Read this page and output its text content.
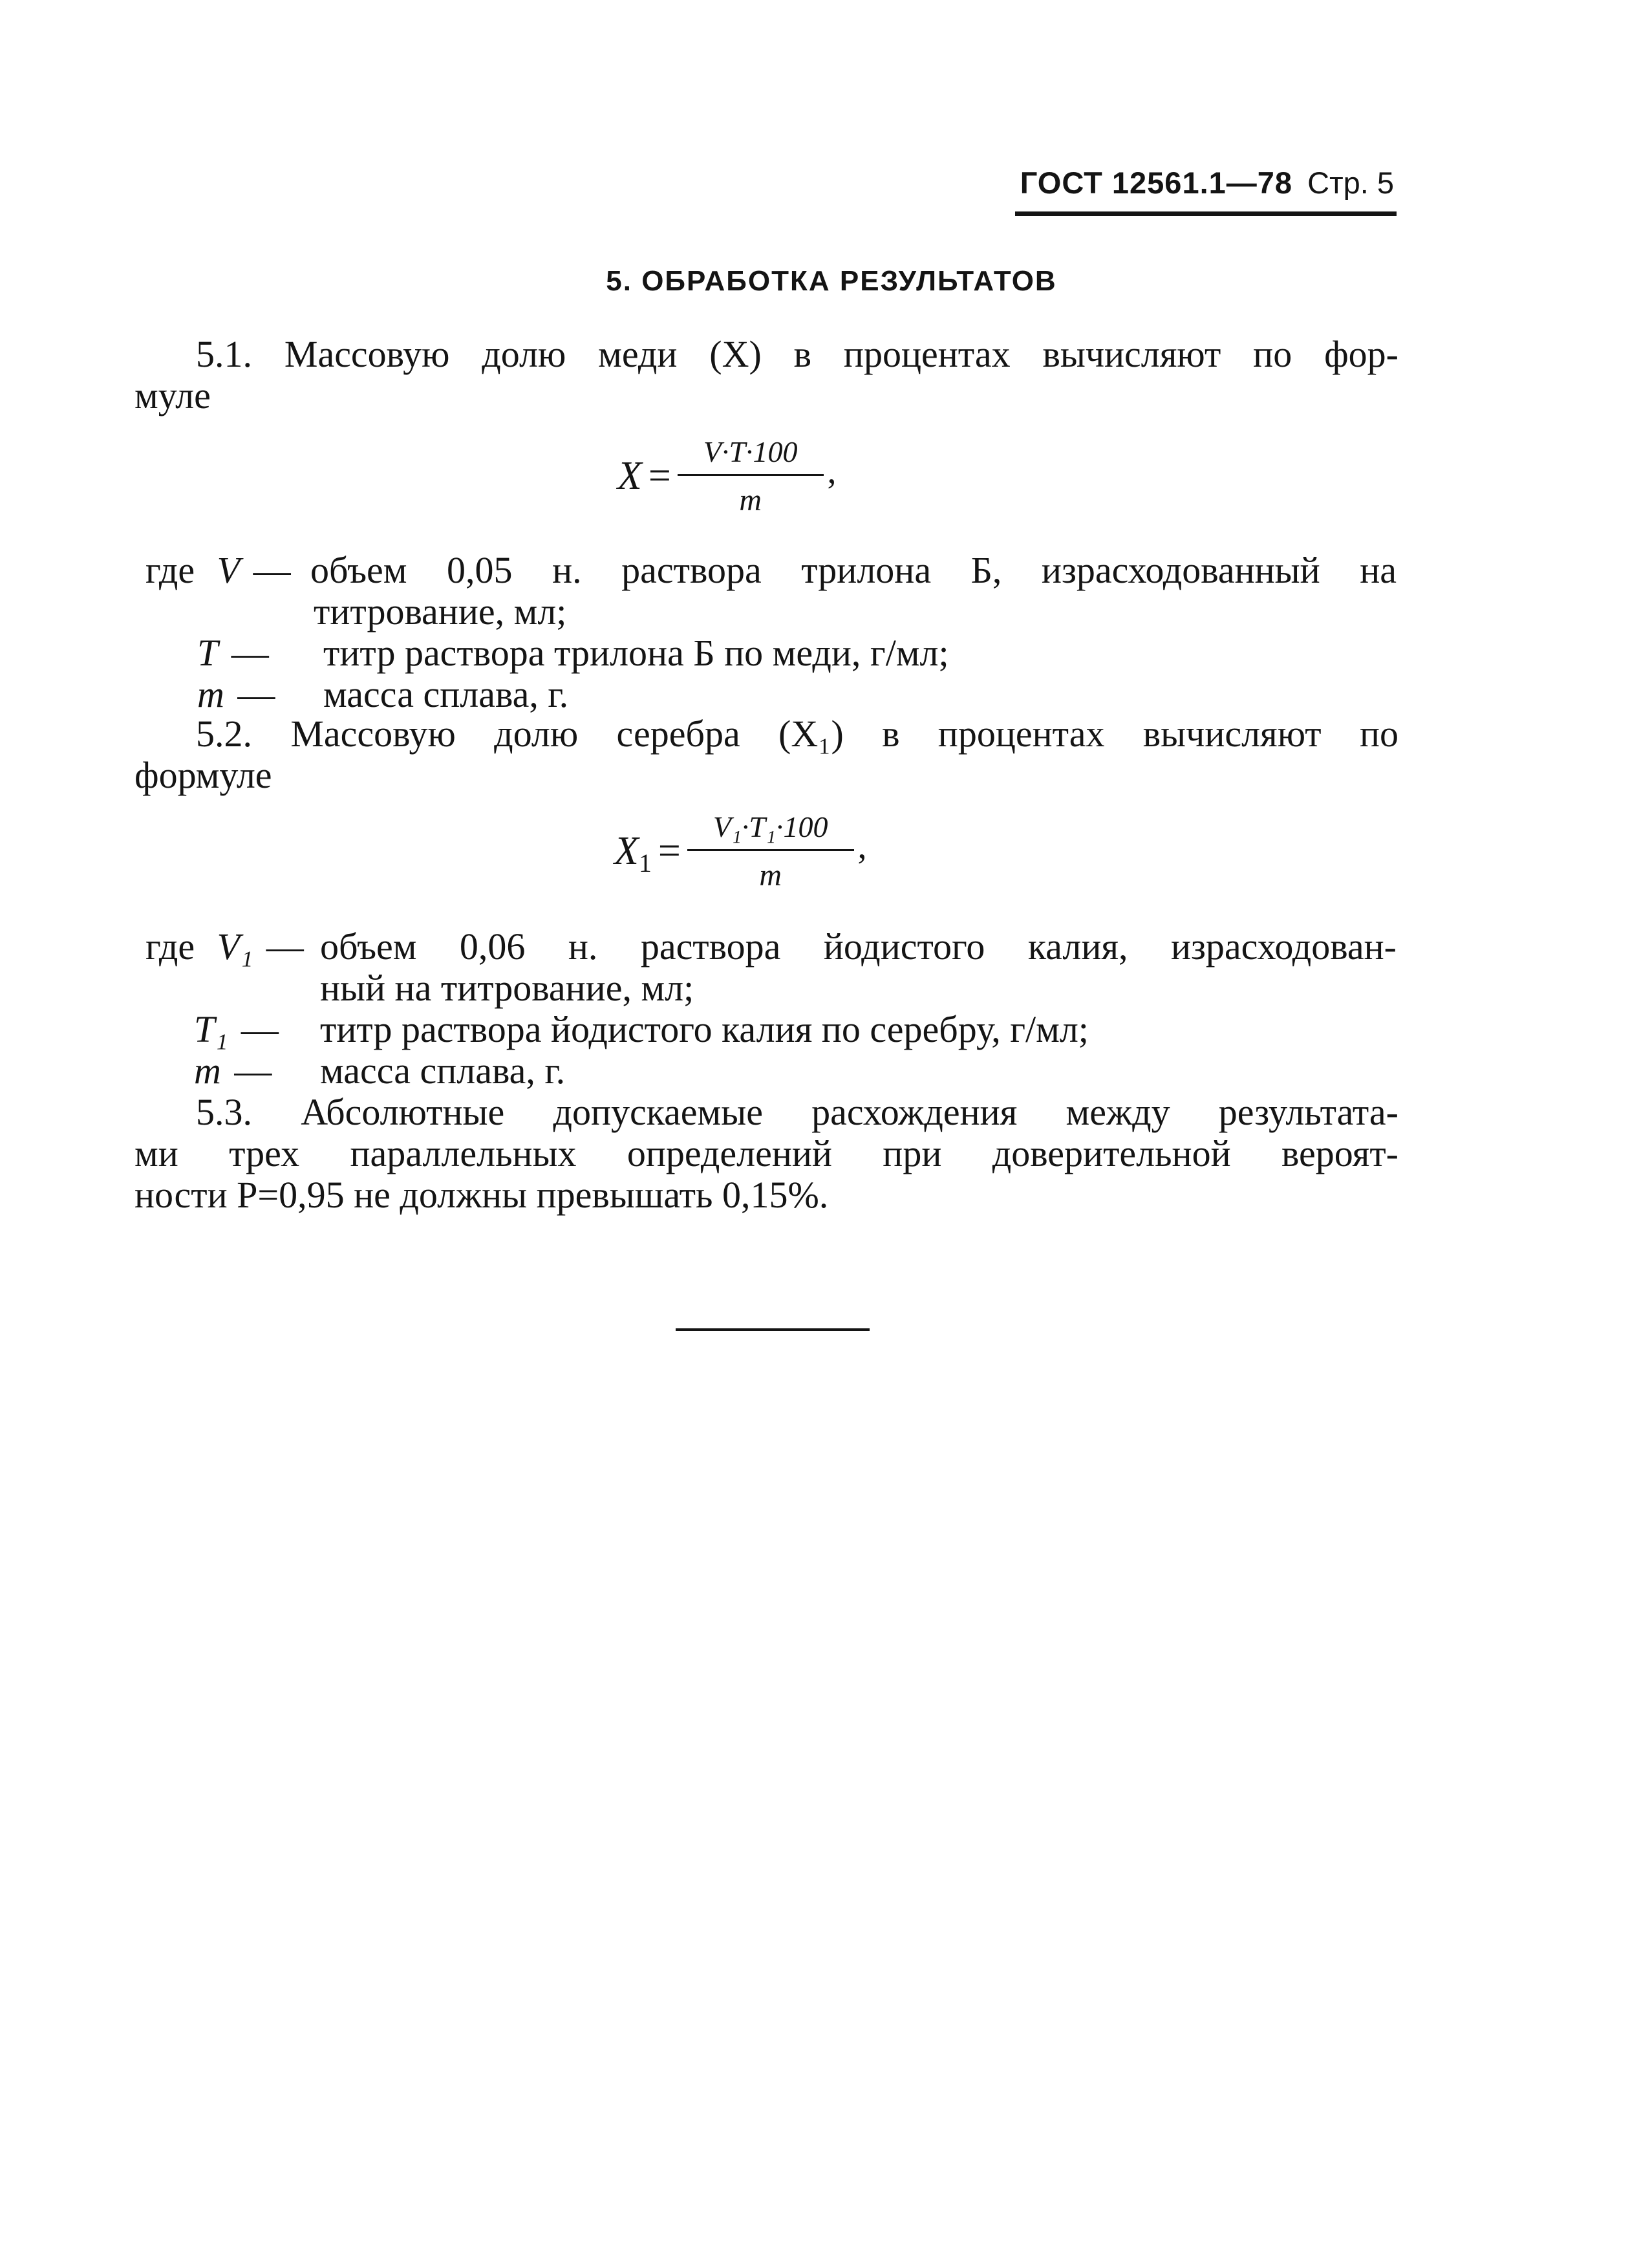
ГОСТ 12561.1—78 Стр. 5
5. ОБРАБОТКА РЕЗУЛЬТАТОВ
5.1. Массовую долю меди (X) в процентах вычисляют по фор-
муле
$X = \frac{V\cdot T\cdot 100}{m}$ ,
где V — объем 0,05 н. раствора трилона Б, израсходованный на
титрование, мл;
T —	титр раствора трилона Б по меди, г/мл;
m —	масса сплава, г.
5.2. Массовую долю серебра (X₁) в процентах вычисляют по
формуле
$X1 = \frac{\text{V₁·T₁·100}}{m}$ ,
где V₁ — объем 0,06 н. раствора йодистого калия, израсходован-
ный на титрование, мл;
T₁ —	титр раствора йодистого калия по серебру, г/мл;
m —	масса сплава, г.
5.3. Абсолютные допускаемые расхождения между результата-
ми трех параллельных определений при доверительной вероят-
ности P=0,95 не должны превышать 0,15%.
